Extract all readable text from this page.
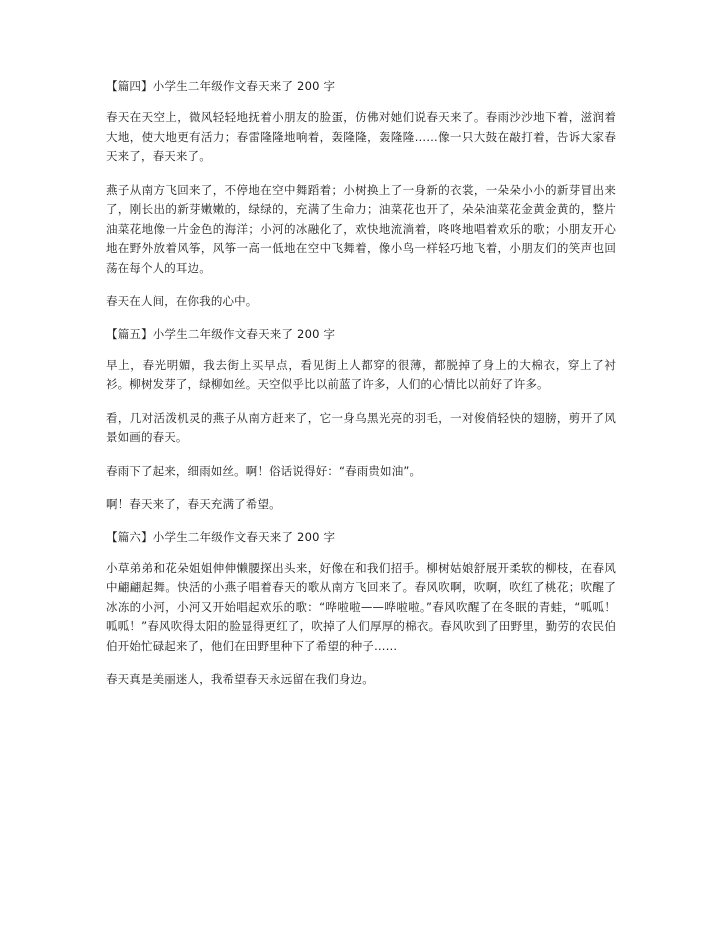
【篇四】小学生二年级作文春天来了 200 字

春天在天空上，微风轻轻地抚着小朋友的脸蛋，仿佛对她们说春天来了。春雨沙沙地下着，滋润着大地，使大地更有活力；春雷隆隆地响着，轰隆隆，轰隆隆……像一只大鼓在敲打着，告诉大家春天来了，春天来了。

燕子从南方飞回来了，不停地在空中舞蹈着；小树换上了一身新的衣裳，一朵朵小小的新芽冒出来了，刚长出的新芽嫩嫩的，绿绿的，充满了生命力；油菜花也开了，朵朵油菜花金黄金黄的，整片油菜花地像一片金色的海洋；小河的冰融化了，欢快地流淌着，咚咚地唱着欢乐的歌；小朋友开心地在野外放着风筝，风筝一高一低地在空中飞舞着，像小鸟一样轻巧地飞着，小朋友们的笑声也回荡在每个人的耳边。

春天在人间，在你我的心中。

【篇五】小学生二年级作文春天来了 200 字

早上，春光明媚，我去街上买早点，看见街上人都穿的很薄，都脱掉了身上的大棉衣，穿上了衬衫。柳树发芽了，绿柳如丝。天空似乎比以前蓝了许多，人们的心情比以前好了许多。

看，几对活泼机灵的燕子从南方赶来了，它一身乌黑光亮的羽毛，一对俊俏轻快的翅膀，剪开了风景如画的春天。

春雨下了起来，细雨如丝。啊！俗话说得好：“春雨贵如油”。

啊！春天来了，春天充满了希望。

【篇六】小学生二年级作文春天来了 200 字

小草弟弟和花朵姐姐伸伸懒腰探出头来，好像在和我们招手。柳树姑娘舒展开柔软的柳枝，在春风中翩翩起舞。快活的小燕子唱着春天的歌从南方飞回来了。春风吹啊，吹啊，吹红了桃花；吹醒了冰冻的小河，小河又开始唱起欢乐的歌：“哗啦啦——哗啦啦。”春风吹醒了在冬眠的青蛙，“呱呱！呱呱！”春风吹得太阳的脸显得更红了，吹掉了人们厚厚的棉衣。春风吹到了田野里，勤劳的农民伯伯开始忙碌起来了，他们在田野里种下了希望的种子……

春天真是美丽迷人，我希望春天永远留在我们身边。
